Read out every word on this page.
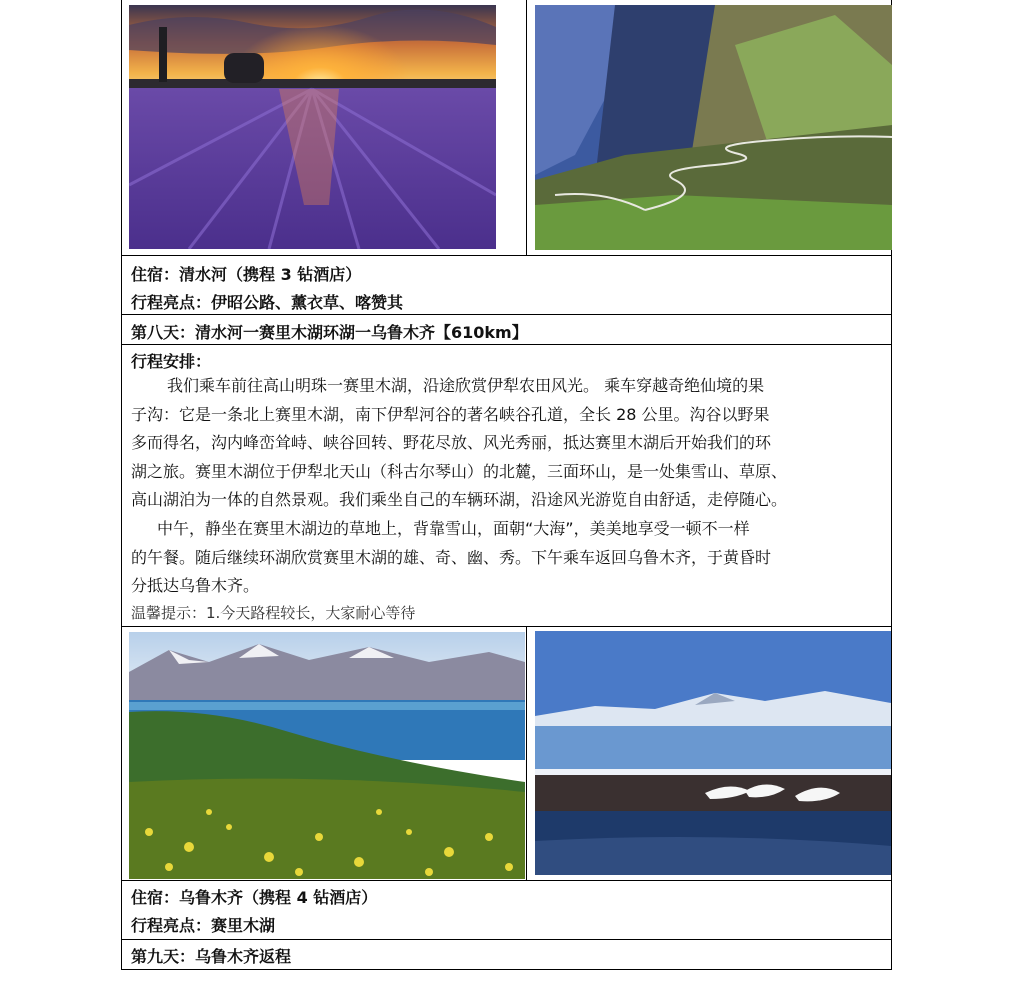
住宿：清水河（携程 3 钻酒店）
行程亮点：伊昭公路、薰衣草、喀赞其
第八天：清水河一赛里木湖环湖一乌鲁木齐【610km】
行程安排：

我们乘车前往高山明珠一赛里木湖，沿途欣赏伊犁农田风光。 乘车穿越奇绝仙境的果

子沟：它是一条北上赛里木湖，南下伊犁河谷的著名峡谷孔道，全长 28 公里。沟谷以野果

多而得名，沟内峰峦耸峙、峡谷回转、野花尽放、风光秀丽，抵达赛里木湖后开始我们的环

湖之旅。赛里木湖位于伊犁北天山（科古尔琴山）的北麓，三面环山，是一处集雪山、草原、

高山湖泊为一体的自然景观。我们乘坐自己的车辆环湖，沿途风光游览自由舒适，走停随心。

中午，静坐在赛里木湖边的草地上，背靠雪山，面朝“大海”，美美地享受一顿不一样

的午餐。随后继续环湖欣赏赛里木湖的雄、奇、幽、秀。下午乘车返回乌鲁木齐，于黄昏时

分抵达乌鲁木齐。

温馨提示：1.今天路程较长，大家耐心等待
住宿：乌鲁木齐（携程 4 钻酒店）
行程亮点：赛里木湖
第九天：乌鲁木齐返程
